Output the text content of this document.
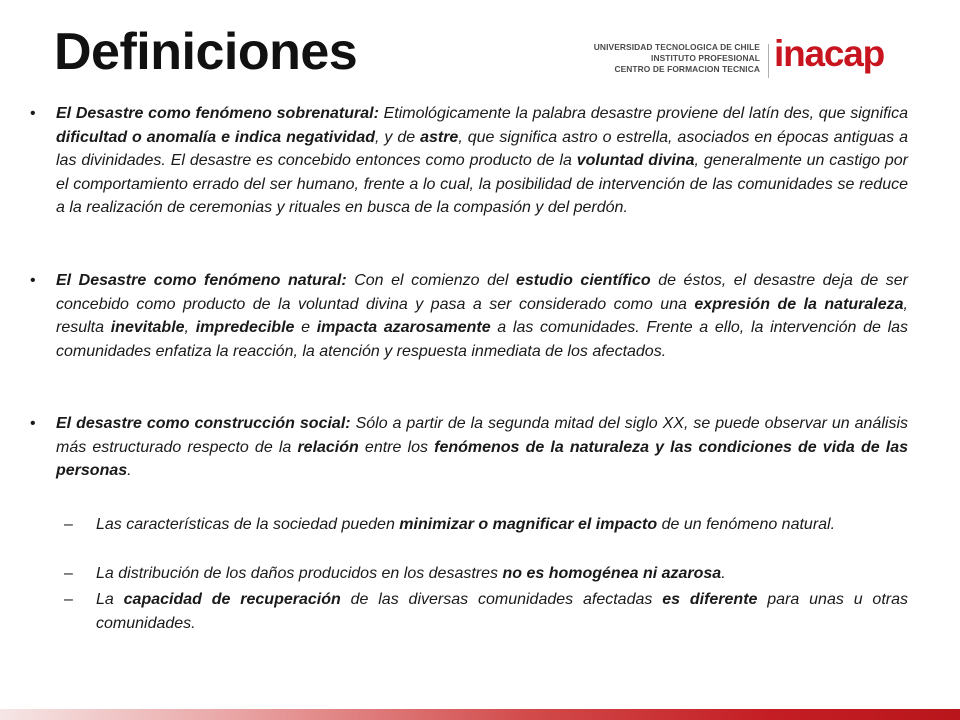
Definiciones	UNIVERSIDAD TECNOLOGICA DE CHILE
INSTITUTO PROFESIONAL
CENTRO DE FORMACION TECNICA inacap
• El Desastre como fenómeno sobrenatural: Etimológicamente la palabra desastre proviene del latín des, que significa dificultad o anomalía e indica negatividad, y de astre, que significa astro o estrella, asociados en épocas antiguas a las divinidades. El desastre es concebido entonces como producto de la voluntad divina, generalmente un castigo por el comportamiento errado del ser humano, frente a lo cual, la posibilidad de intervención de las comunidades se reduce a la realización de ceremonias y rituales en busca de la compasión y del perdón.

• El Desastre como fenómeno natural: Con el comienzo del estudio científico de éstos, el desastre deja de ser concebido como producto de la voluntad divina y pasa a ser considerado como una expresión de la naturaleza, resulta inevitable, impredecible e impacta azarosamente a las comunidades. Frente a ello, la intervención de las comunidades enfatiza la reacción, la atención y respuesta inmediata de los afectados.

• El desastre como construcción social: Sólo a partir de la segunda mitad del siglo XX, se puede observar un análisis más estructurado respecto de la relación entre los fenómenos de la naturaleza y las condiciones de vida de las personas.

– Las características de la sociedad pueden minimizar o magnificar el impacto de un fenómeno natural.

– La distribución de los daños producidos en los desastres no es homogénea ni azarosa.

– La capacidad de recuperación de las diversas comunidades afectadas es diferente para unas u otras comunidades.
